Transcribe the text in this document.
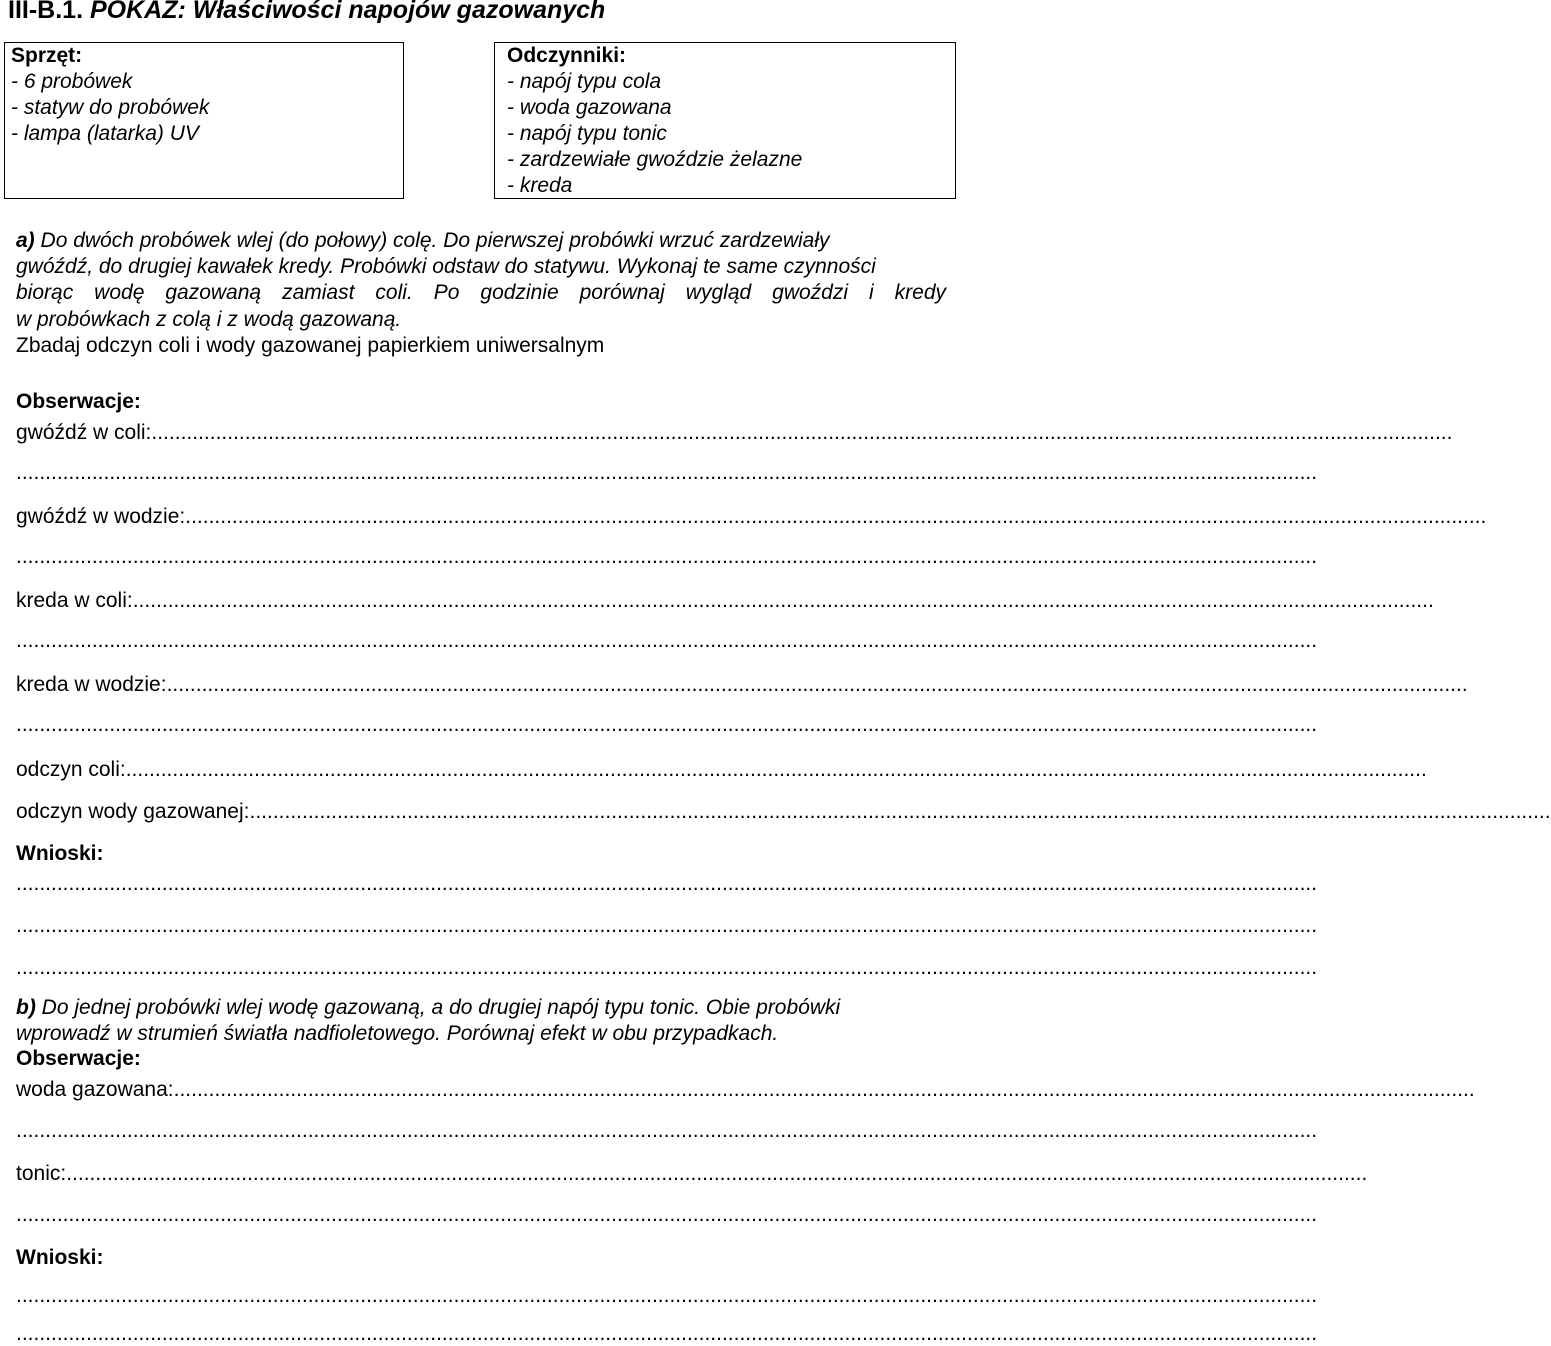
III-B.1. POKAZ: Właściwości napojów gazowanych
Sprzęt:
- 6 probówek
- statyw do probówek
- lampa (latarka) UV
Odczynniki:
- napój typu cola
- woda gazowana
- napój typu tonic
- zardzewiałe gwoździe żelazne
- kreda
a) Do dwóch probówek wlej (do połowy) colę. Do pierwszej probówki wrzuć zardzewiały
gwóźdź, do drugiej kawałek kredy. Probówki odstaw do statywu. Wykonaj te same czynności
biorąc wodę gazowaną zamiast coli. Po godzinie porównaj wygląd gwoździ i kredy
w probówkach z colą i z wodą gazowaną.
Zbadaj odczyn coli i wody gazowanej papierkiem uniwersalnym
Obserwacje:
gwóźdź w coli:...............................................................................................................................................................................................................................
...............................................................................................................................................................................................................................
gwóźdź w wodzie:...............................................................................................................................................................................................................................
...............................................................................................................................................................................................................................
kreda w coli:...............................................................................................................................................................................................................................
...............................................................................................................................................................................................................................
kreda w wodzie:...............................................................................................................................................................................................................................
...............................................................................................................................................................................................................................
odczyn coli:...............................................................................................................................................................................................................................
odczyn wody gazowanej:...............................................................................................................................................................................................................................
Wnioski:
...............................................................................................................................................................................................................................
...............................................................................................................................................................................................................................
...............................................................................................................................................................................................................................
b) Do jednej probówki wlej wodę gazowaną, a do drugiej napój typu tonic. Obie probówki
wprowadź w strumień światła nadfioletowego. Porównaj efekt w obu przypadkach.
Obserwacje:
woda gazowana:...............................................................................................................................................................................................................................
...............................................................................................................................................................................................................................
tonic:...............................................................................................................................................................................................................................
...............................................................................................................................................................................................................................
Wnioski:
...............................................................................................................................................................................................................................
...............................................................................................................................................................................................................................
